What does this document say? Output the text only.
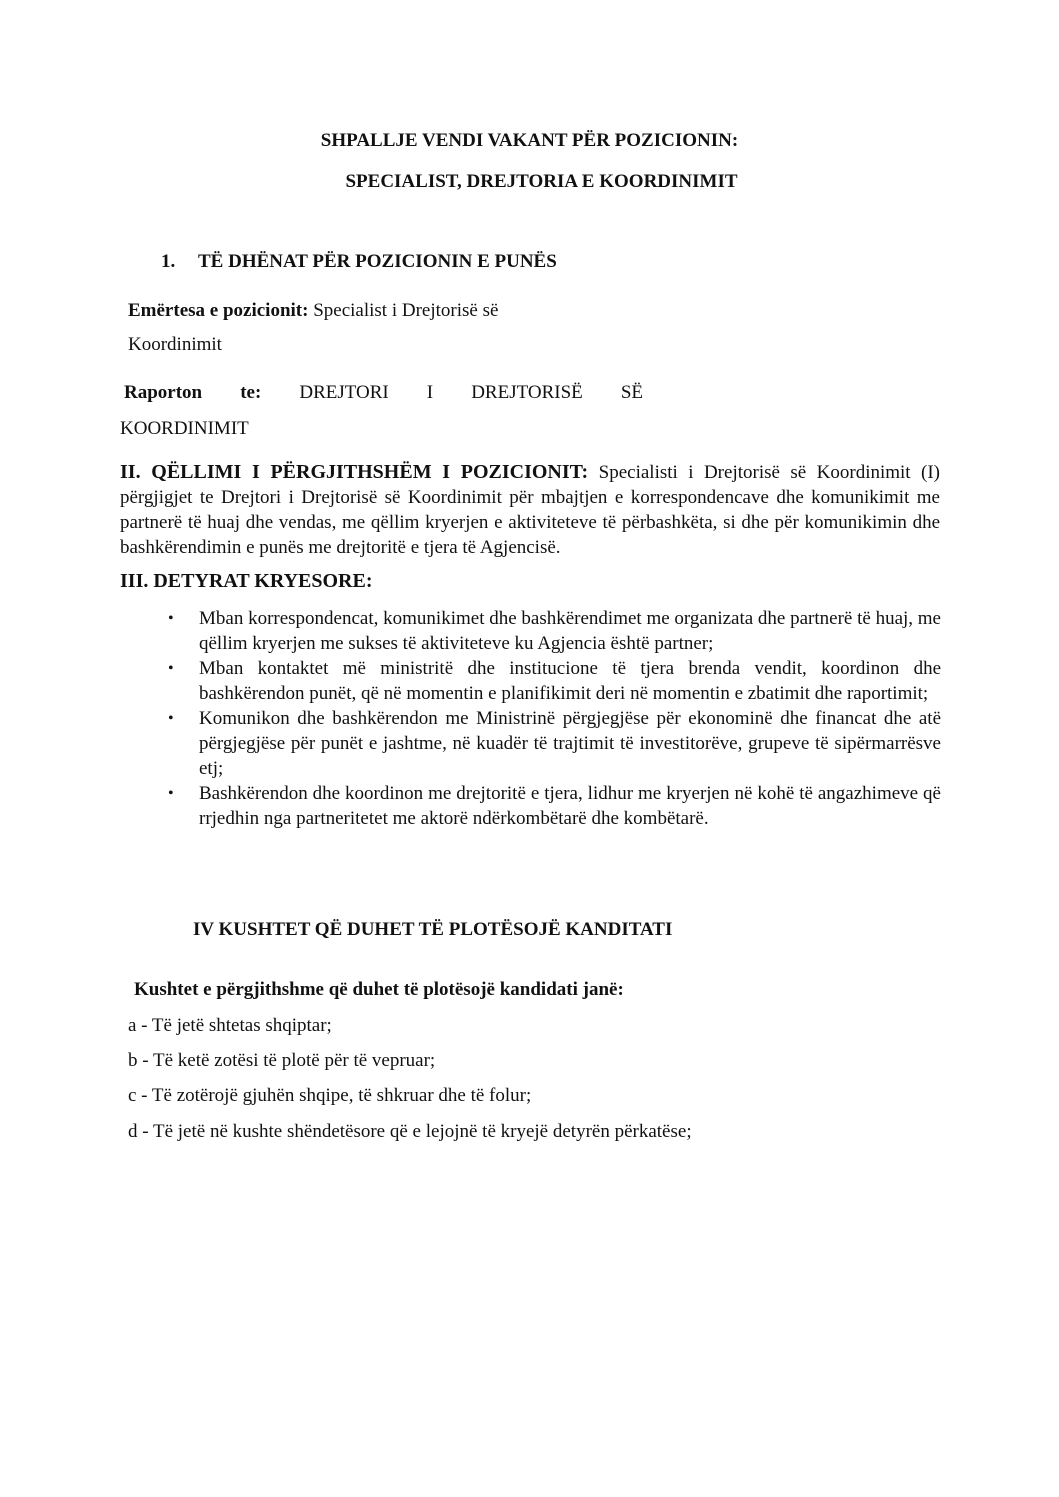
SHPALLJE VENDI VAKANT PËR POZICIONIN:
SPECIALIST, DREJTORIA E KOORDINIMIT
1. TË DHËNAT PËR POZICIONIN E PUNËS
Emërtesa e pozicionit: Specialist i Drejtorisë së
Koordinimit
Raporton te: DREJTORI I DREJTORISË SË
KOORDINIMIT
II. QËLLIMI I PËRGJITHSHËM I POZICIONIT: Specialisti i Drejtorisë së Koordinimit (I) përgjigjet te Drejtori i Drejtorisë së Koordinimit për mbajtjen e korrespondencave dhe komunikimit me partnerë të huaj dhe vendas, me qëllim kryerjen e aktiviteteve të përbashkëta, si dhe për komunikimin dhe bashkërendimin e punës me drejtoritë e tjera të Agjencisë.
III. DETYRAT KRYESORE:
• Mban korrespondencat, komunikimet dhe bashkërendimet me organizata dhe partnerë të huaj, me qëllim kryerjen me sukses të aktiviteteve ku Agjencia është partner;
• Mban kontaktet më ministritë dhe institucione të tjera brenda vendit, koordinon dhe bashkërendon punët, që në momentin e planifikimit deri në momentin e zbatimit dhe raportimit;
• Komunikon dhe bashkërendon me Ministrinë përgjegjëse për ekonominë dhe financat dhe atë përgjegjëse për punët e jashtme, në kuadër të trajtimit të investitorëve, grupeve të sipërmarrësve etj;
• Bashkërendon dhe koordinon me drejtoritë e tjera, lidhur me kryerjen në kohë të angazhimeve që rrjedhin nga partneritetet me aktorë ndërkombëtarë dhe kombëtarë.
IV KUSHTET QË DUHET TË PLOTËSOJË KANDITATI
Kushtet e përgjithshme që duhet të plotësojë kandidati janë:
a - Të jetë shtetas shqiptar;
b - Të ketë zotësi të plotë për të vepruar;
c - Të zotërojë gjuhën shqipe, të shkruar dhe të folur;
d - Të jetë në kushte shëndetësore që e lejojnë të kryejë detyrën përkatëse;
